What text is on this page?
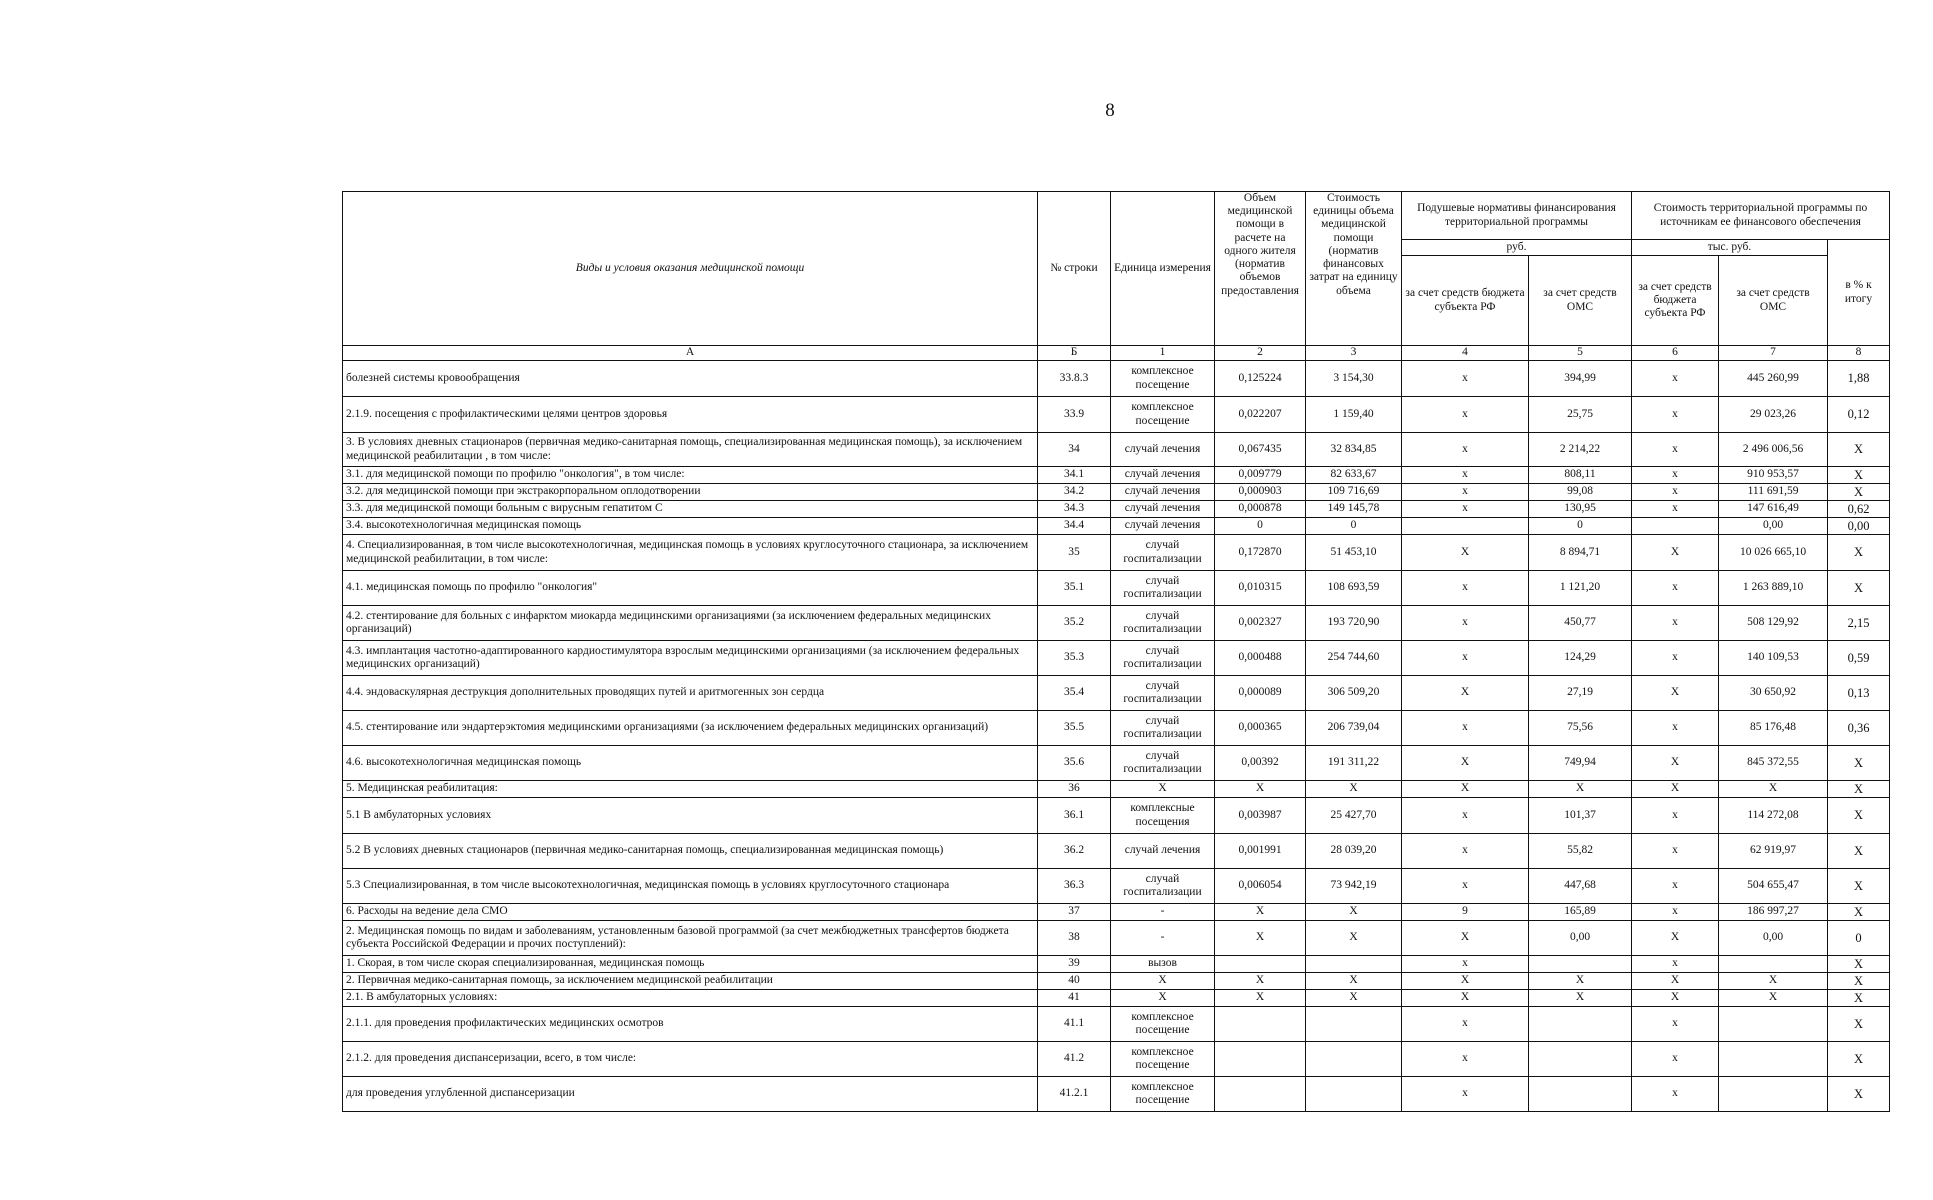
8
Виды и условия оказания медицинской помощи	№ строки	Единица измерения	Объем медицинской помощи в расчете на одного жителя (норматив объемов предоставления	Стоимость единицы объема медицинской помощи (норматив финансовых затрат на единицу объема	Подушевые нормативы финансирования территориальной программы		Стоимость территориальной программы по источникам ее финансового обеспечения		
					руб.		тыс. руб.		в % к итогу
					за счет средств бюджета субъекта РФ	за счет средств ОМС	за счет средств бюджета субъекта РФ	за счет средств ОМС	
А	Б	1	2	3	4	5	6	7	8
болезней системы кровообращения	33.8.3	комплексное посещение	0,125224	3 154,30	х	394,99	х	445 260,99	1,88
2.1.9. посещения с профилактическими целями центров здоровья	33.9	комплексное посещение	0,022207	1 159,40	х	25,75	х	29 023,26	0,12
3. В условиях дневных стационаров (первичная медико-санитарная помощь, специализированная медицинская помощь), за исключением медицинской реабилитации , в том числе:	34	случай лечения	0,067435	32 834,85	х	2 214,22	х	2 496 006,56	Х
3.1. для медицинской помощи по профилю "онкология", в том числе:	34.1	случай лечения	0,009779	82 633,67	х	808,11	х	910 953,57	Х
3.2. для медицинской помощи при экстракорпоральном оплодотворении	34.2	случай лечения	0,000903	109 716,69	х	99,08	х	111 691,59	Х
3.3. для медицинской помощи больным с вирусным гепатитом С	34.3	случай лечения	0,000878	149 145,78	х	130,95	х	147 616,49	0,62
3.4. высокотехнологичная медицинская помощь	34.4	случай лечения	0	0		0		0,00	0,00
4. Специализированная, в том числе высокотехнологичная, медицинская помощь в условиях круглосуточного стационара, за исключением медицинской реабилитации, в том числе:	35	случай госпитализации	0,172870	51 453,10	Х	8 894,71	Х	10 026 665,10	Х
4.1. медицинская помощь по профилю "онкология"	35.1	случай госпитализации	0,010315	108 693,59	х	1 121,20	х	1 263 889,10	Х
4.2. стентирование для больных с инфарктом миокарда медицинскими организациями (за исключением федеральных медицинских организаций)	35.2	случай госпитализации	0,002327	193 720,90	х	450,77	х	508 129,92	2,15
4.3. имплантация частотно-адаптированного кардиостимулятора взрослым медицинскими организациями (за исключением федеральных медицинских организаций)	35.3	случай госпитализации	0,000488	254 744,60	х	124,29	х	140 109,53	0,59
4.4. эндоваскулярная деструкция дополнительных проводящих путей и аритмогенных зон сердца	35.4	случай госпитализации	0,000089	306 509,20	Х	27,19	Х	30 650,92	0,13
4.5. стентирование или эндартерэктомия медицинскими организациями (за исключением федеральных медицинских организаций)	35.5	случай госпитализации	0,000365	206 739,04	х	75,56	х	85 176,48	0,36
4.6. высокотехнологичная медицинская помощь	35.6	случай госпитализации	0,00392	191 311,22	Х	749,94	Х	845 372,55	Х
5. Медицинская реабилитация:	36	Х	Х	Х	Х	Х	Х	Х	Х
5.1 В амбулаторных условиях	36.1	комплексные посещения	0,003987	25 427,70	х	101,37	х	114 272,08	Х
5.2 В условиях дневных стационаров (первичная медико-санитарная помощь, специализированная медицинская помощь)	36.2	случай лечения	0,001991	28 039,20	х	55,82	х	62 919,97	Х
5.3 Специализированная, в том числе высокотехнологичная, медицинская помощь в условиях круглосуточного стационара	36.3	случай госпитализации	0,006054	73 942,19	х	447,68	х	504 655,47	Х
6. Расходы на ведение дела СМО	37	-	Х	Х	9	165,89	х	186 997,27	Х
2. Медицинская помощь по видам и заболеваниям, установленным базовой программой (за счет межбюджетных трансфертов бюджета субъекта Российской Федерации и прочих поступлений):	38	-	Х	Х	Х	0,00	Х	0,00	0
1. Скорая, в том числе скорая специализированная, медицинская помощь	39	вызов			х		х		Х
2. Первичная медико-санитарная помощь, за исключением медицинской реабилитации	40	Х	Х	Х	Х	Х	Х	Х	Х
2.1. В амбулаторных условиях:	41	Х	Х	Х	Х	Х	Х	Х	Х
2.1.1. для проведения профилактических медицинских осмотров	41.1	комплексное посещение			х		х		Х
2.1.2. для проведения диспансеризации, всего, в том числе:	41.2	комплексное посещение			х		х		Х
для проведения углубленной диспансеризации	41.2.1	комплексное посещение			х		х		Х
